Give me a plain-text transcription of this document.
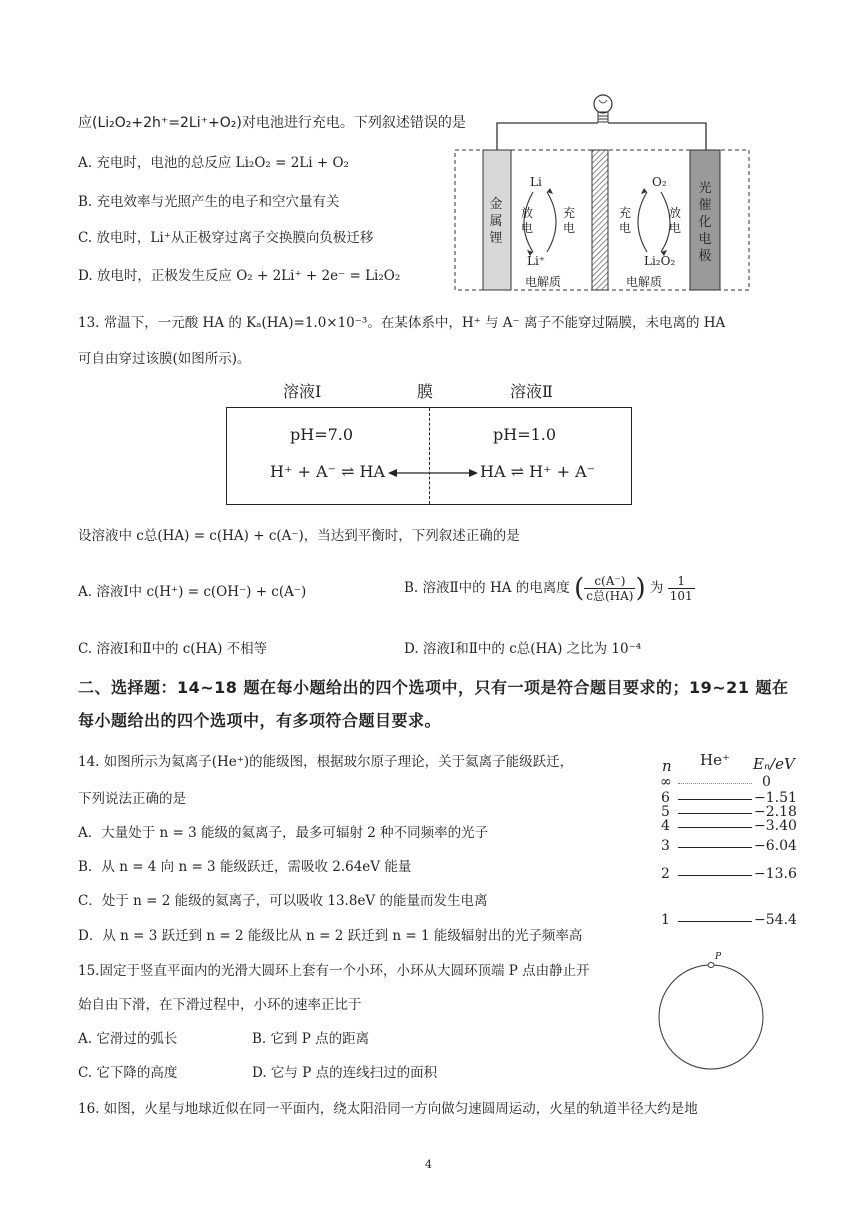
应(Li₂O₂+2h⁺=2Li⁺+O₂)对电池进行充电。下列叙述错误的是
A. 充电时，电池的总反应 Li₂O₂ = 2Li + O₂
B. 充电效率与光照产生的电子和空穴量有关
C. 放电时，Li⁺从正极穿过离子交换膜向负极迁移
D. 放电时，正极发生反应 O₂ + 2Li⁺ + 2e⁻ = Li₂O₂
金
属
锂
光
催
化
电
极
Li
Li⁺
放
电
充
电
O₂
Li₂O₂
充
电
放
电
电解质	电解质
13. 常温下，一元酸 HA 的 Kₐ(HA)=1.0×10⁻³。在某体系中，H⁺ 与 A⁻ 离子不能穿过隔膜，未电离的 HA
可自由穿过该膜(如图所示)。
溶液Ⅰ	膜	溶液Ⅱ
pH=7.0	pH=1.0
H⁺ + A⁻ ⇌ HA	HA ⇌ H⁺ + A⁻
设溶液中 c总(HA) = c(HA) + c(A⁻)，当达到平衡时，下列叙述正确的是
A. 溶液Ⅰ中 c(H⁺) = c(OH⁻) + c(A⁻)	B. 溶液Ⅱ中的 HA 的电离度 ( $\frac{c(A^-)}{\text{c总(HA)}}$ ) 为 $\frac{1}{101}$
C. 溶液Ⅰ和Ⅱ中的 c(HA) 不相等	D. 溶液Ⅰ和Ⅱ中的 c总(HA) 之比为 10⁻⁴
二、选择题：14~18 题在每小题给出的四个选项中，只有一项是符合题目要求的；19~21 题在
每小题给出的四个选项中，有多项符合题目要求。
14. 如图所示为氦离子(He⁺)的能级图，根据玻尔原子理论，关于氦离子能级跃迁，
下列说法正确的是
A．大量处于 n = 3 能级的氦离子，最多可辐射 2 种不同频率的光子
B．从 n = 4 向 n = 3 能级跃迁，需吸收 2.64eV 能量
C．处于 n = 2 能级的氦离子，可以吸收 13.8eV 的能量而发生电离
D．从 n = 3 跃迁到 n = 2 能级比从 n = 2 跃迁到 n = 1 能级辐射出的光子频率高
n He⁺ Eₙ/eV
∞	0
6	−1.51
5	−2.18
4	−3.40
3	−6.04
2	−13.6
1	−54.4
15.固定于竖直平面内的光滑大圆环上套有一个小环，小环从大圆环顶端 P 点由静止开
始自由下滑，在下滑过程中，小环的速率正比于
A. 它滑过的弧长	B. 它到 P 点的距离
C. 它下降的高度	D. 它与 P 点的连线扫过的面积
P
16. 如图，火星与地球近似在同一平面内，绕太阳沿同一方向做匀速圆周运动，火星的轨道半径大约是地
4
